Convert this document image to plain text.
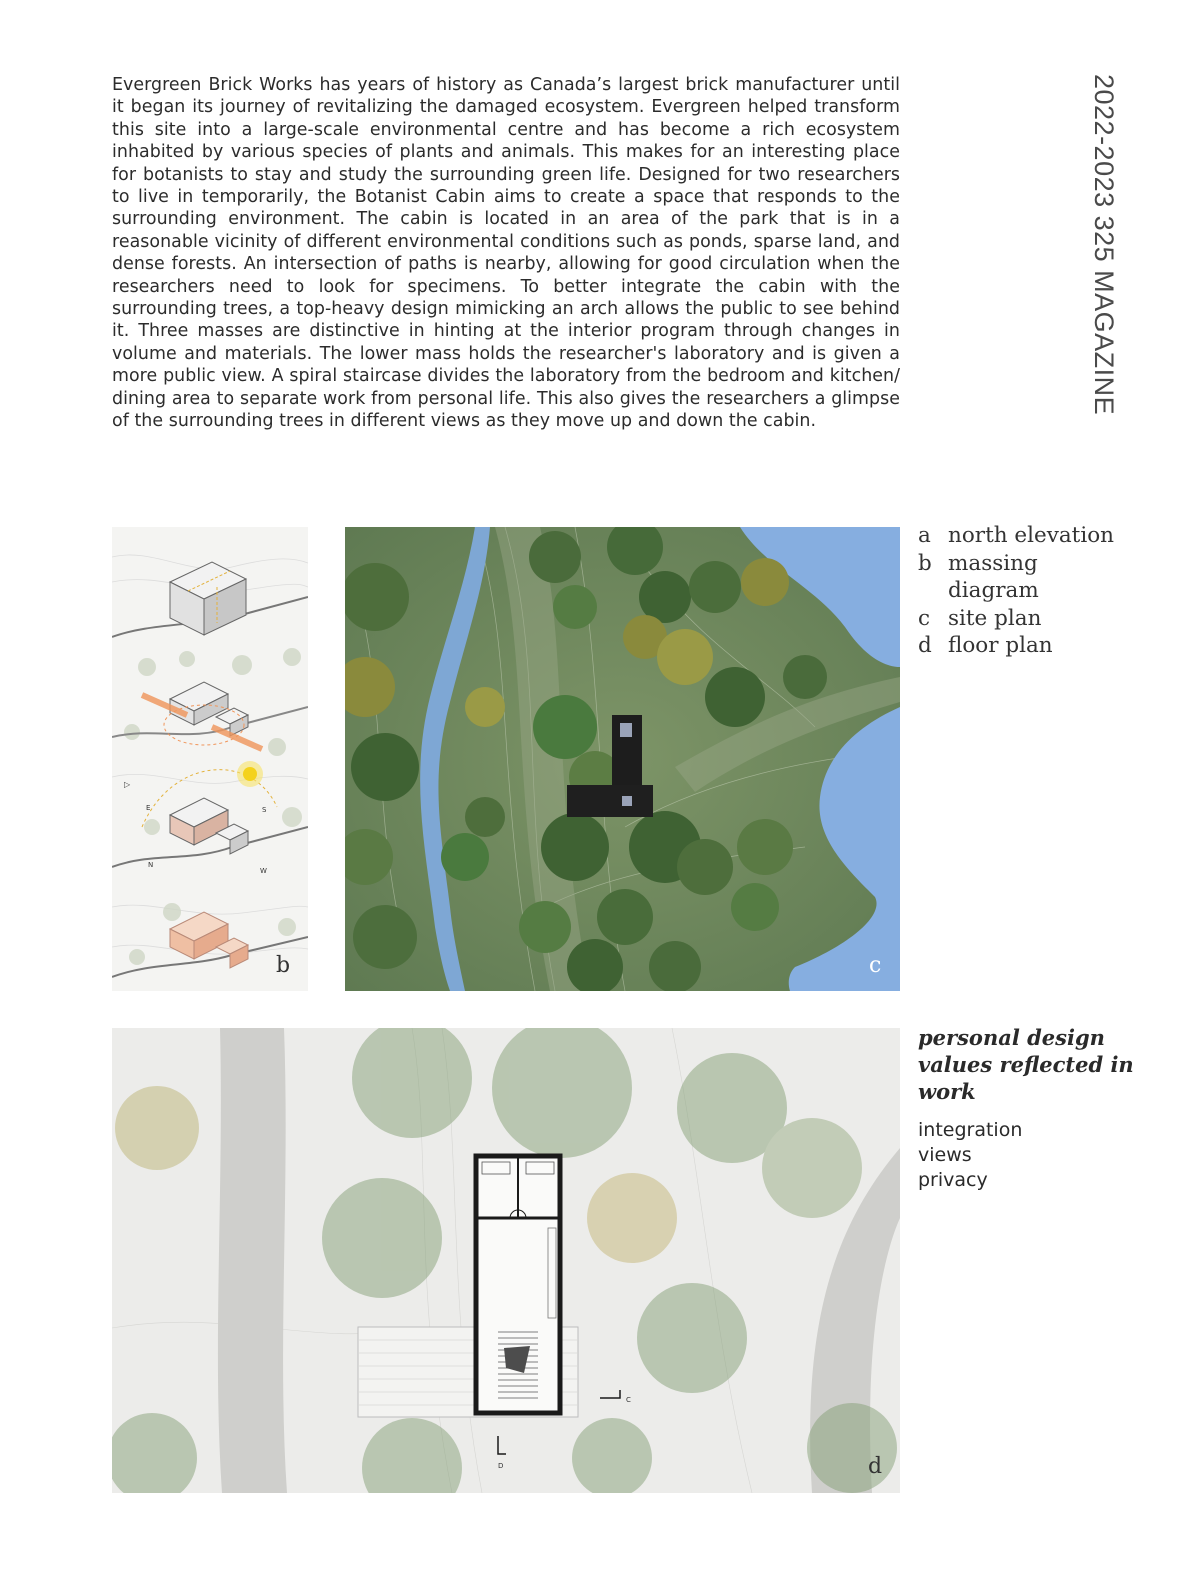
Evergreen Brick Works has years of history as Canada’s largest brick manufacturer until it began its journey of revitalizing the damaged ecosystem. Evergreen helped transform this site into a large-scale environmental centre and has become a rich ecosystem inhabited by various species of plants and animals. This makes for an interesting place for botanists to stay and study the surrounding green life. Designed for two researchers to live in temporarily, the Botanist Cabin aims to create a space that responds to the surrounding environment. The cabin is located in an area of the park that is in a reasonable vicinity of different environmental conditions such as ponds, sparse land, and dense forests. An intersection of paths is nearby, allowing for good circulation when the researchers need to look for specimens. To better integrate the cabin with the surrounding trees, a top-heavy design mimicking an arch allows the public to see behind it. Three masses are distinctive in hinting at the interior program through changes in volume and materials. The lower mass holds the researcher's laboratory and is given a more public view. A spiral staircase divides the laboratory from the bedroom and kitchen/ dining area to separate work from personal life. This also gives the researchers a glimpse of the surrounding trees in different views as they move up and down the cabin.

2022-2023 325 MAGAZINE
▷
E	S
N
W
b	c
a north elevation
b massing diagram
c site plan
d floor plan
C
D	d
personal design values reflected in work
integration
views
privacy
